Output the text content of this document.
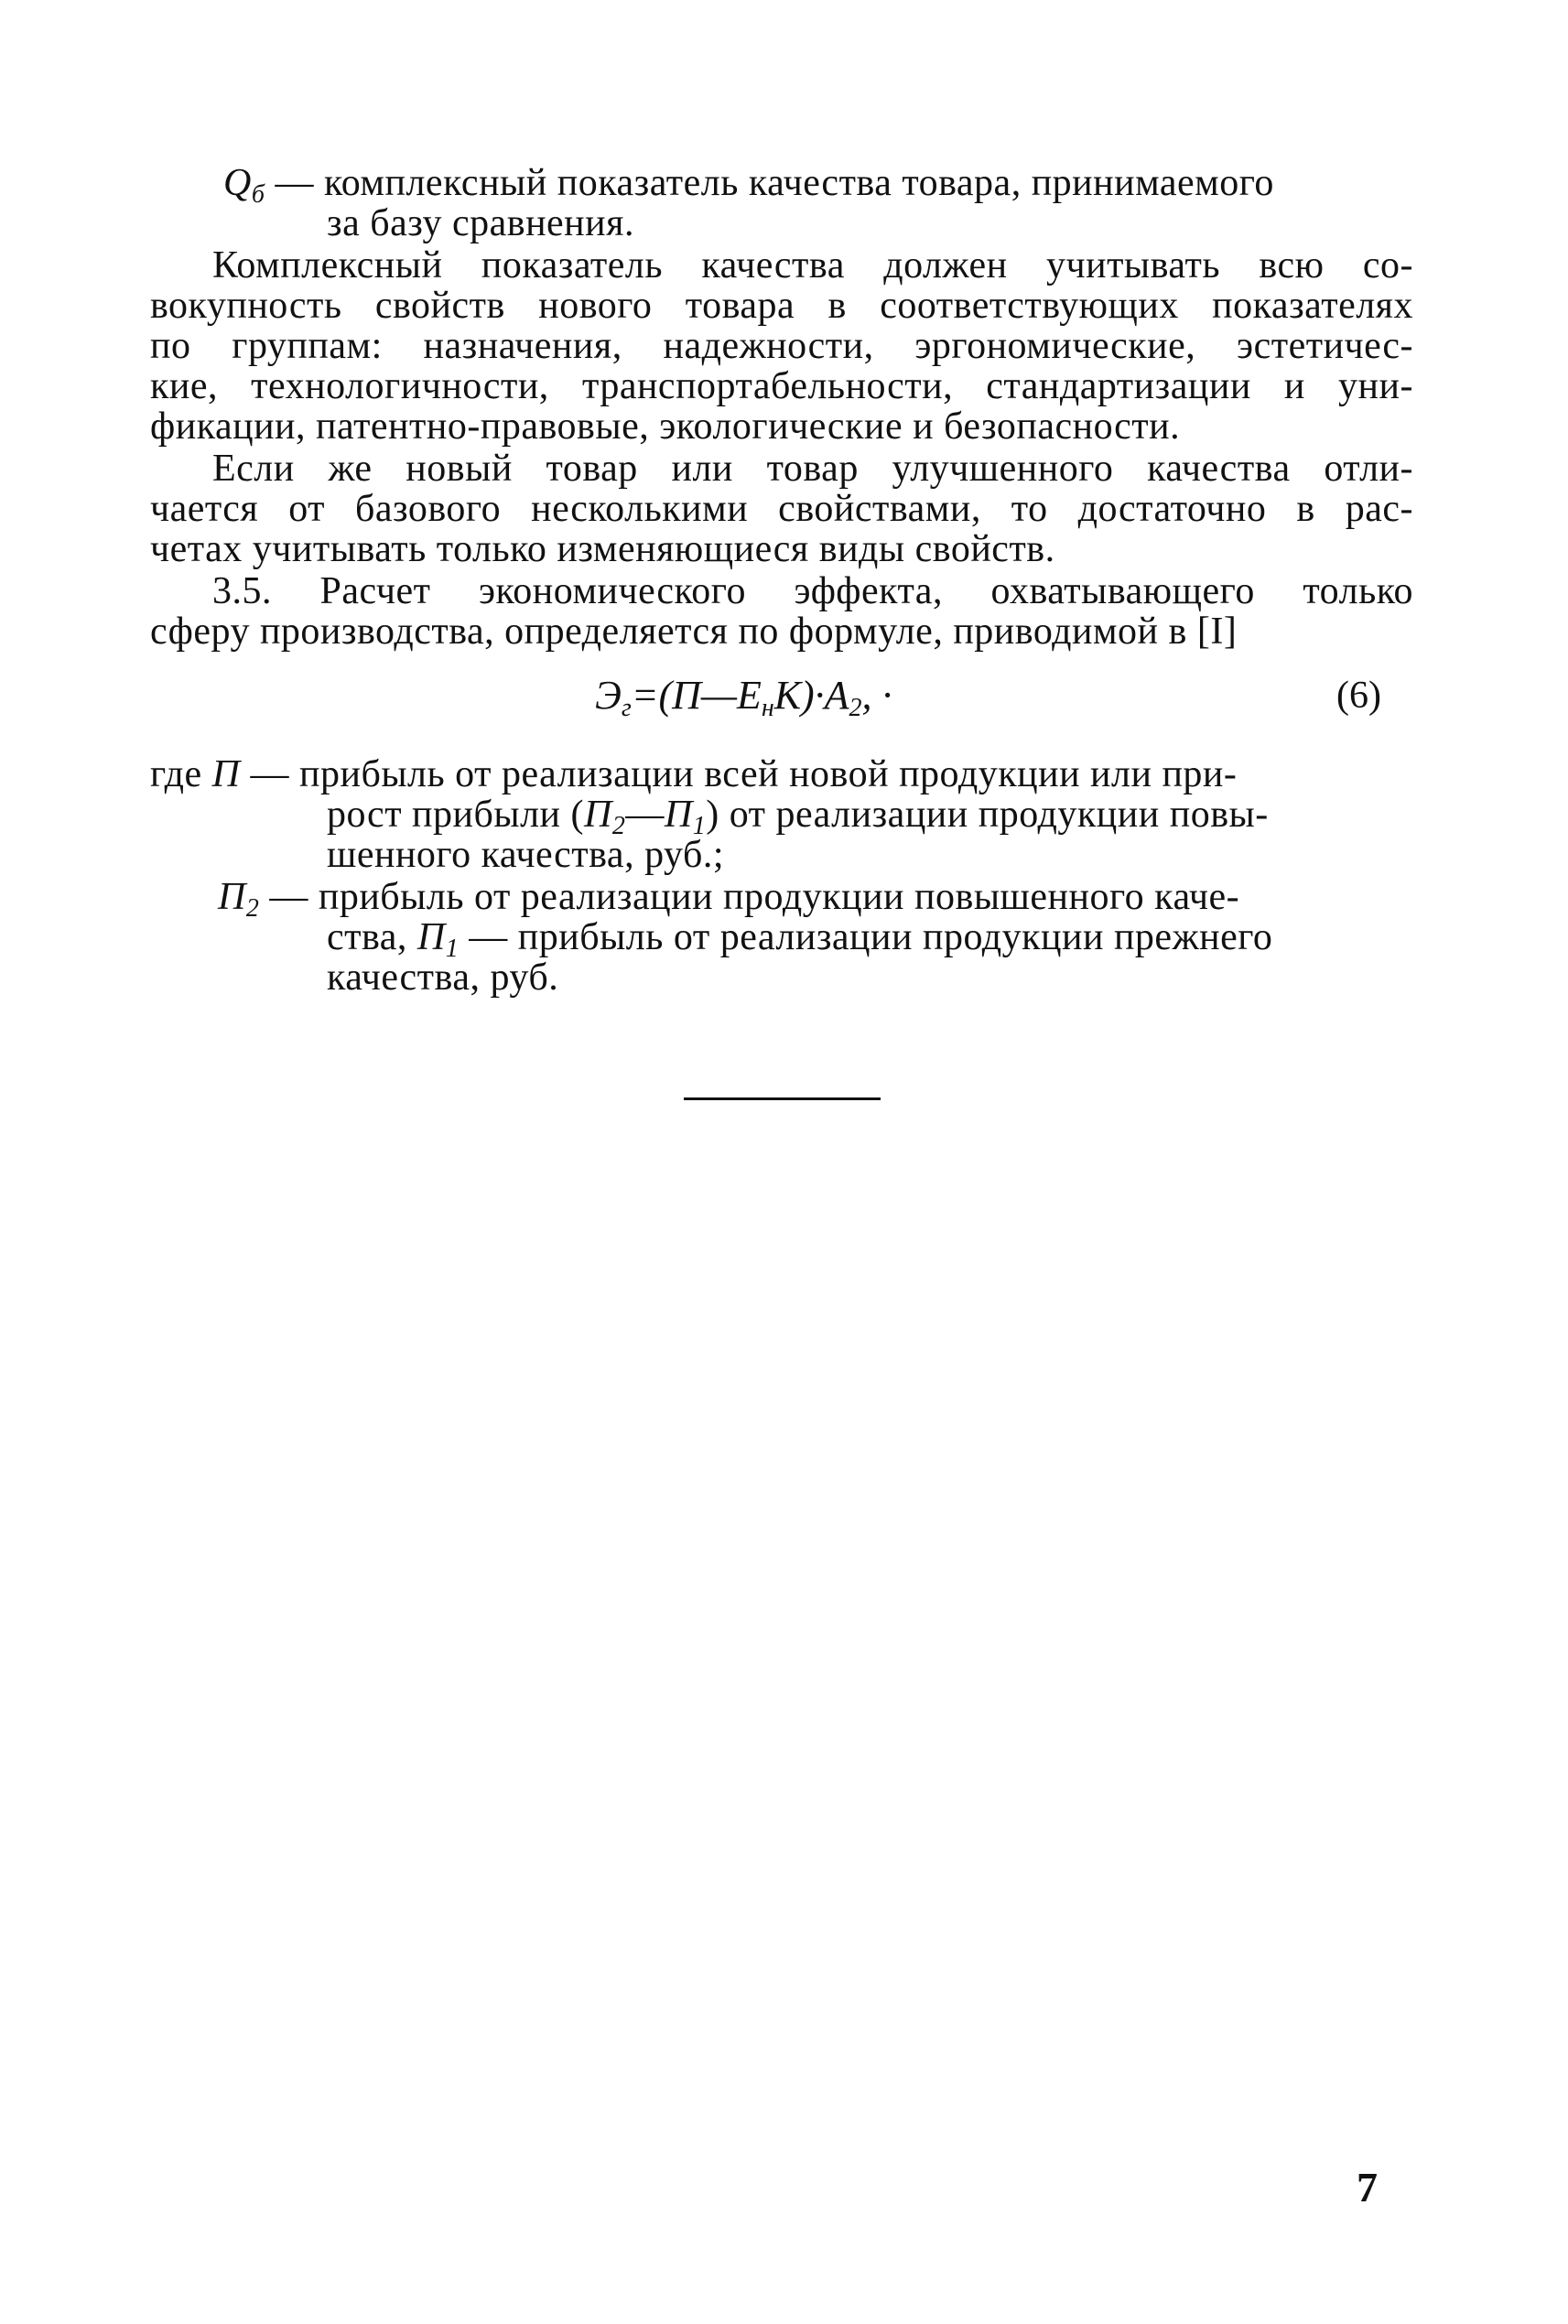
$Q_б$ — комплексный показатель качества товара, принимаемого
за базу сравнения.
Комплексный показатель качества должен учитывать всю со-
вокупность свойств нового товара в соответствующих показателях
по группам: назначения, надежности, эргономические, эстетичес-
кие, технологичности, транспортабельности, стандартизации и уни-
фикации, патентно-правовые, экологические и безопасности.
Если же новый товар или товар улучшенного качества отли-
чается от базового несколькими свойствами, то достаточно в рас-
четах учитывать только изменяющиеся виды свойств.
3.5. Расчет экономического эффекта, охватывающего только
сферу производства, определяется по формуле, приводимой в [I]
$Э_г=(П—Е_нК)\cdot А_2$, ·	(6)
где П — прибыль от реализации всей новой продукции или при-
рост прибыли $(П_2—П_1)$ от реализации продукции повы-
шенного качества, руб.;
$П_2$ — прибыль от реализации продукции повышенного каче-
ства, $П_1$ — прибыль от реализации продукции прежнего
качества, руб.
7
